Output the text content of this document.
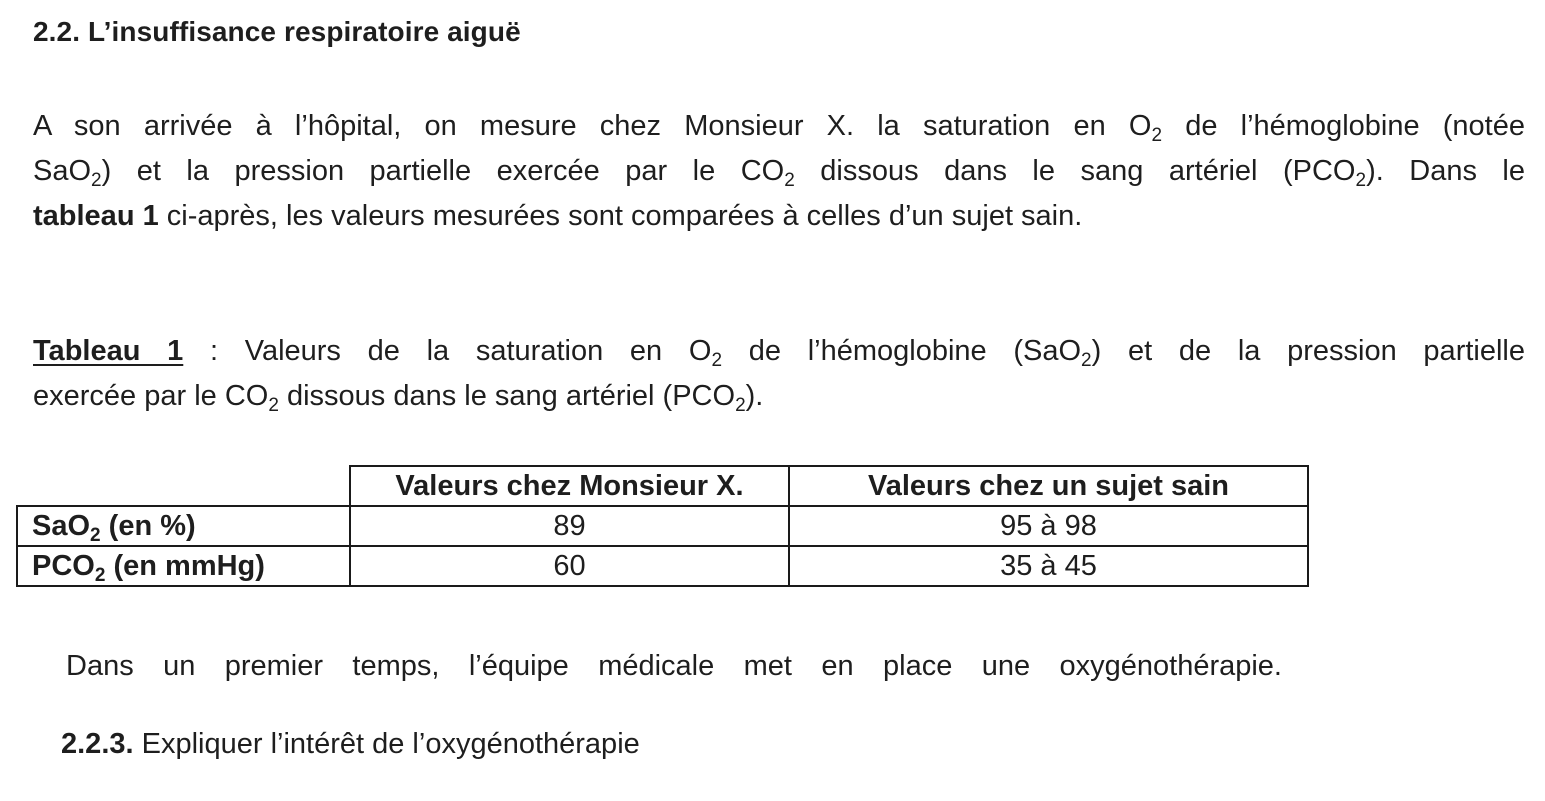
2.2. L’insuffisance respiratoire aiguë
A son arrivée à l’hôpital, on mesure chez Monsieur X. la saturation en $O_2$ de l’hémoglobine (notée
SaO$_2$) et la pression partielle exercée par le $CO_2$ dissous dans le sang artériel $(PCO_2)$. Dans le
tableau 1 ci-après, les valeurs mesurées sont comparées à celles d’un sujet sain.
Tableau 1 : Valeurs de la saturation en $O_2$ de l’hémoglobine (SaO$_2$) et de la pression partielle
exercée par le $CO_2$ dissous dans le sang artériel $(PCO_2)$.
	Valeurs chez Monsieur X.	Valeurs chez un sujet sain
SaO$_2$ (en %)	89	95 à 98
$PCO_2$ (en mmHg)	60	35 à 45

Dans un premier temps, l’équipe médicale met en place une oxygénothérapie.

2.2.3. Expliquer l’intérêt de l’oxygénothérapie
